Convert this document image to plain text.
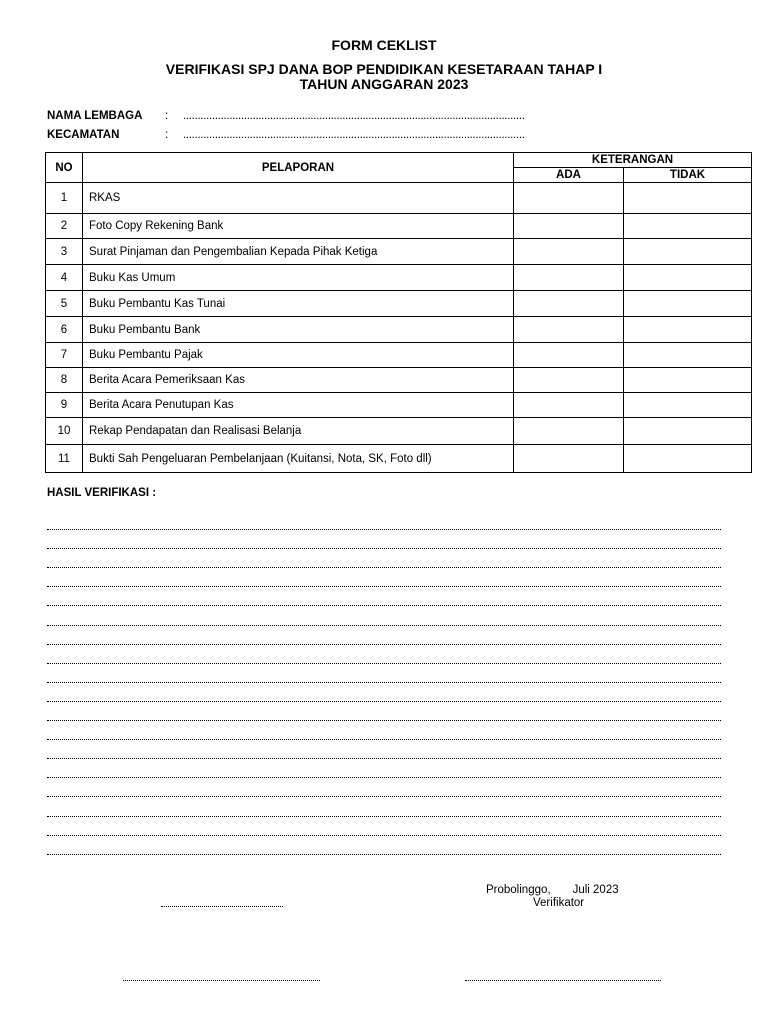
FORM CEKLIST
VERIFIKASI SPJ DANA BOP PENDIDIKAN KESETARAAN TAHAP I
TAHUN ANGGARAN 2023
NAMA LEMBAGA : ......................................................................................................................
KECAMATAN	: ......................................................................................................................
NO	PELAPORAN	KETERANGAN	
		ADA	TIDAK
1	RKAS		
2	Foto Copy Rekening Bank		
3	Surat Pinjaman dan Pengembalian Kepada Pihak Ketiga		
4	Buku Kas Umum		
5	Buku Pembantu Kas Tunai		
6	Buku Pembantu Bank		
7	Buku Pembantu Pajak		
8	Berita Acara Pemeriksaan Kas		
9	Berita Acara Penutupan Kas		
10	Rekap Pendapatan dan Realisasi Belanja		
11	Bukti Sah Pengeluaran Pembelanjaan (Kuitansi, Nota, SK, Foto dll)		
HASIL VERIFIKASI :
Probolinggo, Juli 2023
Verifikator
